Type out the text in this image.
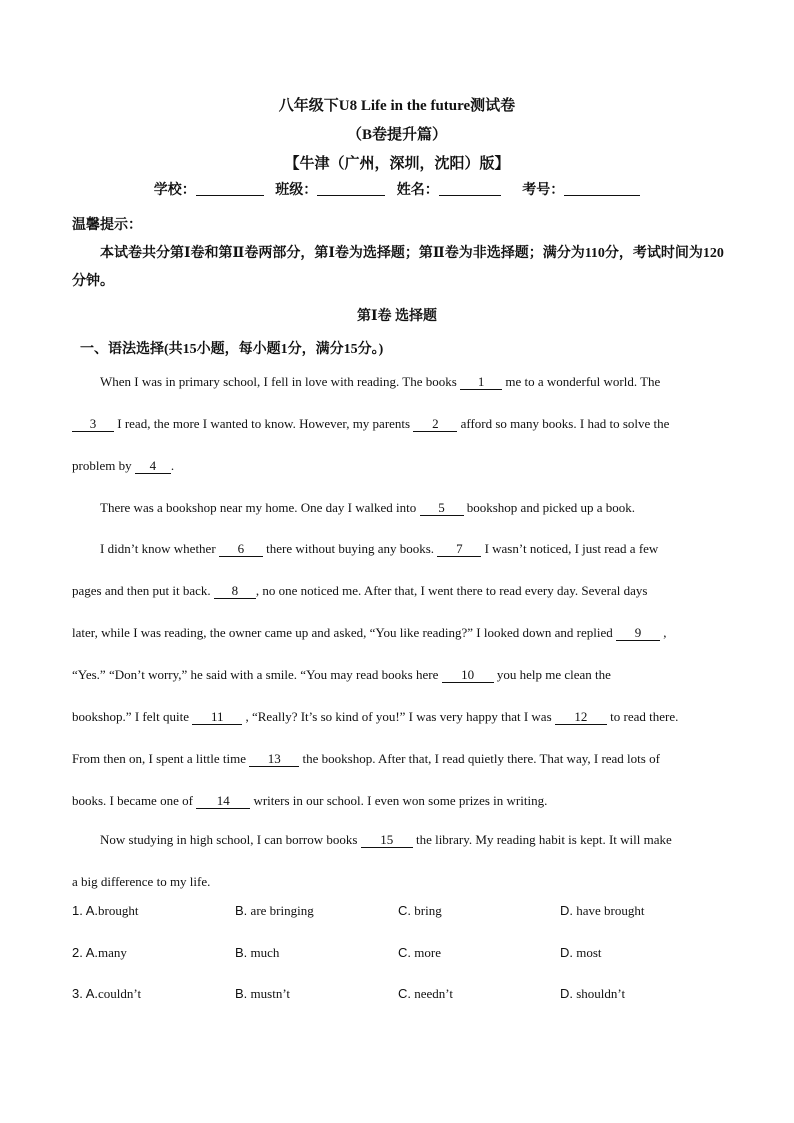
八年级下U8 Life in the future测试卷
（B卷提升篇）
【牛津（广州，深圳，沈阳）版】
学校：	班级：	姓名：	考号：
温馨提示：
本试卷共分第Ⅰ卷和第Ⅱ卷两部分，第Ⅰ卷为选择题；第Ⅱ卷为非选择题；满分为110分，考试时间为120分钟。
第Ⅰ卷 选择题
一、语法选择(共15小题，每小题1分，满分15分。)
When I was in primary school, I fell in love with reading. The books 1 me to a wonderful world. The
3 I read, the more I wanted to know. However, my parents 2 afford so many books. I had to solve the
problem by 4 .
There was a bookshop near my home. One day I walked into 5 bookshop and picked up a book.
I didn’t know whether 6 there without buying any books. 7 I wasn’t noticed, I just read a few
pages and then put it back. 8 , no one noticed me. After that, I went there to read every day. Several days
later, while I was reading, the owner came up and asked, “You like reading?” I looked down and replied 9 ,
“Yes.” “Don’t worry,” he said with a smile. “You may read books here 10 you help me clean the
bookshop.” I felt quite 11 , “Really? It’s so kind of you!” I was very happy that I was 12 to read there.
From then on, I spent a little time 13 the bookshop. After that, I read quietly there. That way, I read lots of
books. I became one of 14 writers in our school. I even won some prizes in writing.
Now studying in high school, I can borrow books 15 the library. My reading habit is kept. It will make
a big difference to my life.
1. A.brought	B. are bringing	C. bring	D. have brought
2. A.many	B. much	C. more	D. most
3. A.couldn’t	B. mustn’t	C. needn’t	D. shouldn’t
